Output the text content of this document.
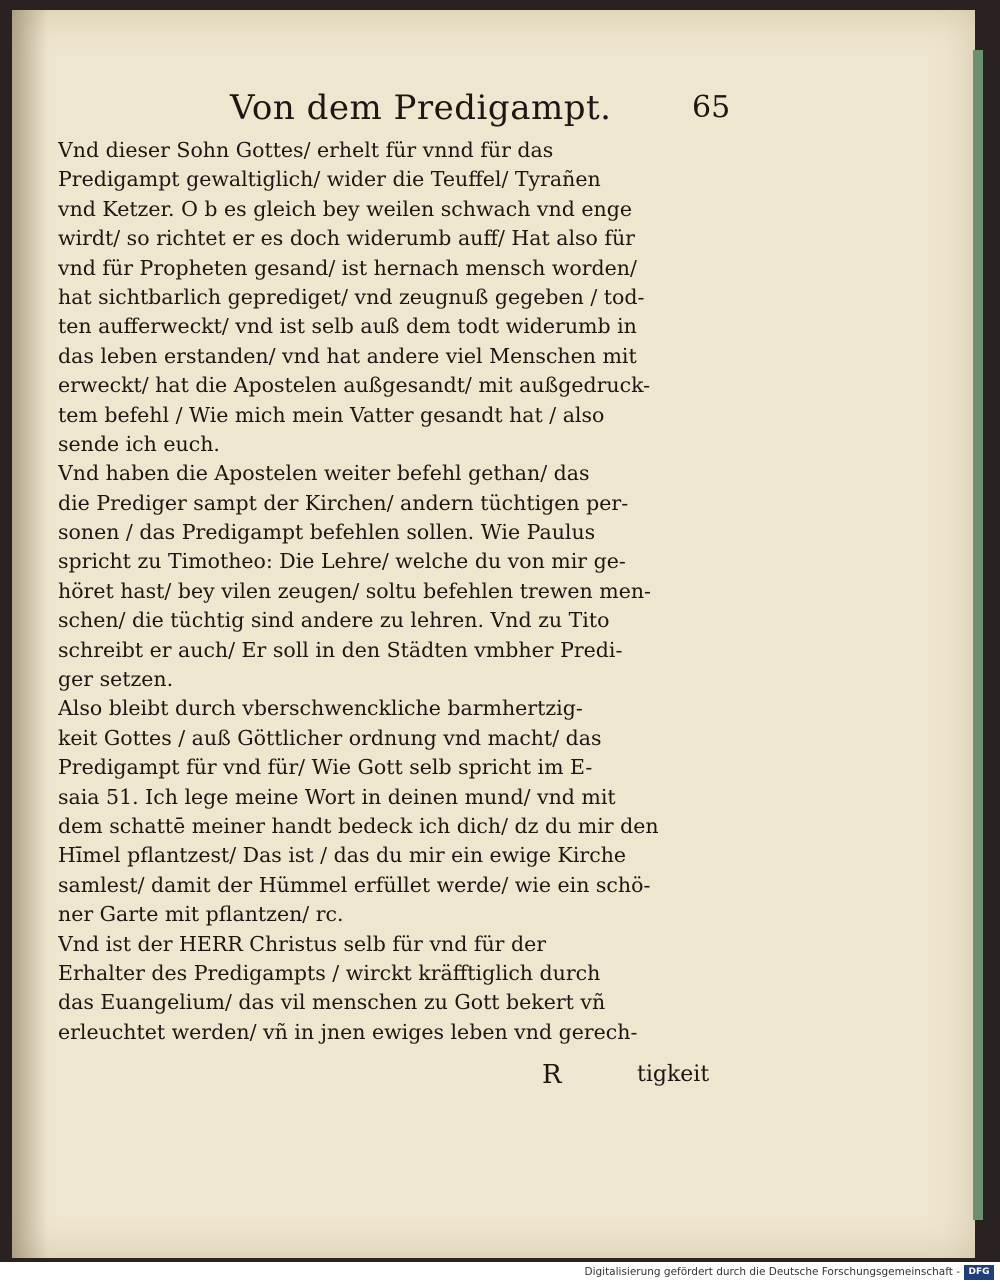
Von dem Predigampt.	65
Vnd dieser Sohn Gottes/ erhelt für vnnd für das
Predigampt gewaltiglich/ wider die Teuffel/ Tyrañen
vnd Ketzer. O b es gleich bey weilen schwach vnd enge
wirdt/ so richtet er es doch widerumb auff/ Hat also für
vnd für Propheten gesand/ ist hernach mensch worden/
hat sichtbarlich geprediget/ vnd zeugnuß gegeben / tod-
ten aufferweckt/ vnd ist selb auß dem todt widerumb in
das leben erstanden/ vnd hat andere viel Menschen mit
erweckt/ hat die Apostelen außgesandt/ mit außgedruck-
tem befehl / Wie mich mein Vatter gesandt hat / also
sende ich euch.
Vnd haben die Apostelen weiter befehl gethan/ das
die Prediger sampt der Kirchen/ andern tüchtigen per-
sonen / das Predigampt befehlen sollen. Wie Paulus
spricht zu Timotheo: Die Lehre/ welche du von mir ge-
höret hast/ bey vilen zeugen/ soltu befehlen trewen men-
schen/ die tüchtig sind andere zu lehren. Vnd zu Tito
schreibt er auch/ Er soll in den Städten vmbher Predi-
ger setzen.
Also bleibt durch vberschwenckliche barmhertzig-
keit Gottes / auß Göttlicher ordnung vnd macht/ das
Predigampt für vnd für/ Wie Gott selb spricht im E-
saia 51. Ich lege meine Wort in deinen mund/ vnd mit
dem schattē meiner handt bedeck ich dich/ dz du mir den
Hīmel pflantzest/ Das ist / das du mir ein ewige Kirche
samlest/ damit der Hümmel erfüllet werde/ wie ein schö-
ner Garte mit pflantzen/ rc.
Vnd ist der HERR Christus selb für vnd für der
Erhalter des Predigampts / wirckt kräfftiglich durch
das Euangelium/ das vil menschen zu Gott bekert vñ
erleuchtet werden/ vñ in jnen ewiges leben vnd gerech-
R	tigkeit
Digitalisierung gefördert durch die Deutsche Forschungsgemeinschaft - DFG
